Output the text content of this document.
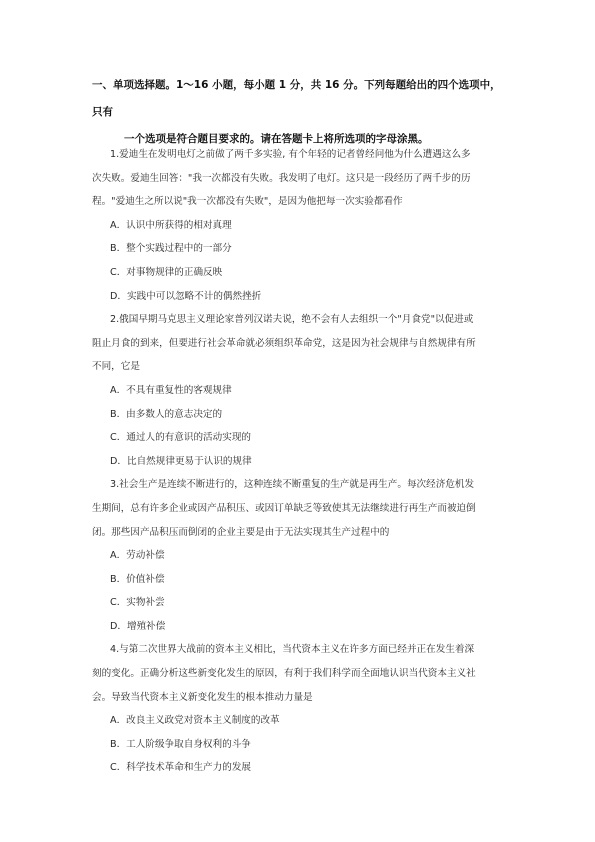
一、单项选择题。1～16 小题，每小题 1 分，共 16 分。下列每题给出的四个选项中，只有
一个选项是符合题目要求的。请在答题卡上将所选项的字母涂黑。
1.爱迪生在发明电灯之前做了两千多实验, 有个年轻的记者曾经问他为什么遭遇这么多
次失败。爱迪生回答："我一次都没有失败。我发明了电灯。这只是一段经历了两千步的历
程。"爱迪生之所以说"我一次都没有失败"，是因为他把每一次实验都看作
A．认识中所获得的相对真理
B．整个实践过程中的一部分
C．对事物规律的正确反映
D．实践中可以忽略不计的偶然挫折
2.俄国早期马克思主义理论家普列汉诺夫说，绝不会有人去组织一个"月食党"以促进或
阻止月食的到来，但要进行社会革命就必须组织革命党，这是因为社会规律与自然规律有所
不同，它是
A．不具有重复性的客观规律
B．由多数人的意志决定的
C．通过人的有意识的活动实现的
D．比自然规律更易于认识的规律
3.社会生产是连续不断进行的，这种连续不断重复的生产就是再生产。每次经济危机发
生期间，总有许多企业或因产品积压、或因订单缺乏等致使其无法继续进行再生产而被迫倒
闭。那些因产品积压而倒闭的企业主要是由于无法实现其生产过程中的
A．劳动补偿
B．价值补偿
C．实物补尝
D．增殖补偿
4.与第二次世界大战前的资本主义相比，当代资本主义在许多方面已经并正在发生着深
刻的变化。正确分析这些新变化发生的原因，有利于我们科学而全面地认识当代资本主义社
会。导致当代资本主义新变化发生的根本推动力量是
A．改良主义政党对资本主义制度的改革
B．工人阶级争取自身权利的斗争
C．科学技术革命和生产力的发展
